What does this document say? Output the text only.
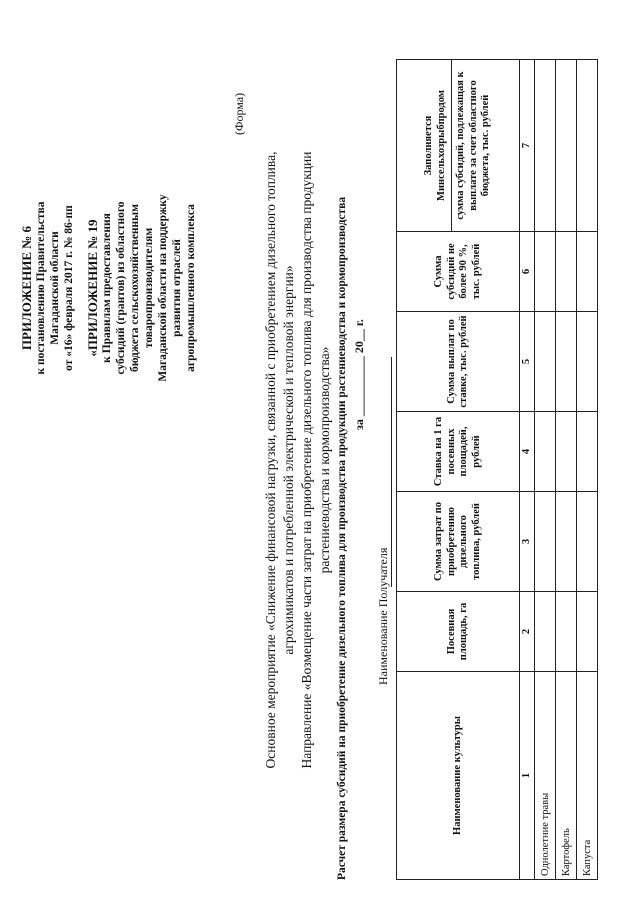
ПРИЛОЖЕНИЕ № 6 к постановлению Правительства Магаданской области от «16» февраля 2017 г. № 86-пп «ПРИЛОЖЕНИЕ № 19 к Правилам предоставления субсидий (грантов) из областного бюджета сельскохозяйственным товаропроизводителям Магаданской области на поддержку развития отраслей агропромышленного комплекса
(Форма)
Основное мероприятие «Снижение финансовой нагрузки, связанной с приобретением дизельного топлива, агрохимикатов и потребленной электрической и тепловой энергии» Направление «Возмещение части затрат на приобретение дизельного топлива для производства продукции растениеводства и кормопроизводства» Расчет размера субсидий на приобретение дизельного топлива для производства продукции растениеводства и кормопроизводства за __________ 20__ г.
Наименование Получателя
Наименование культуры	Посевная площадь, га	Сумма затрат по приобретению дизельного топлива, рублей	Ставка на 1 га посевных площадей, рублей	Сумма выплат по ставке, тыс. рублей	Сумма субсидий не более 90 %, тыс. рублей	Заполняется Минсельхозрыбпродом сумма субсидий, подлежащая к выплате за счет областного бюджета, тыс. рублей
1	2	3	4	5	6	7
Однолетние травы						
Картофель						
Капуста						
